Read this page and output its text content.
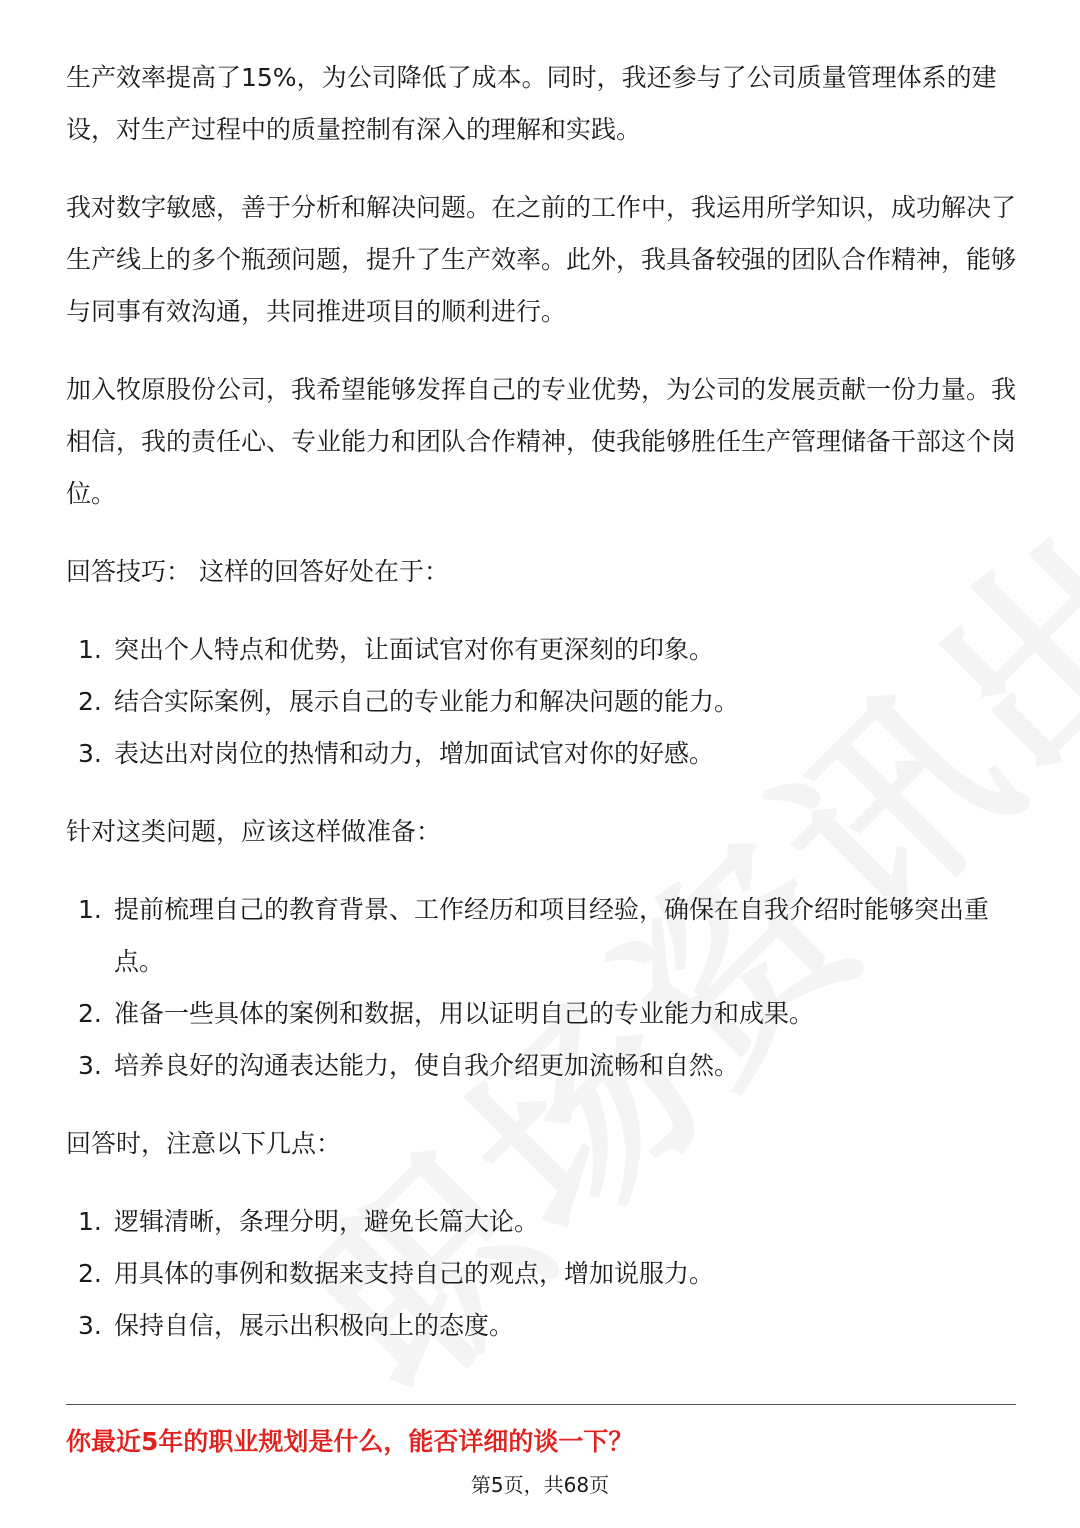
生产效率提高了15%，为公司降低了成本。同时，我还参与了公司质量管理体系的建设，对生产过程中的质量控制有深入的理解和实践。

我对数字敏感，善于分析和解决问题。在之前的工作中，我运用所学知识，成功解决了生产线上的多个瓶颈问题，提升了生产效率。此外，我具备较强的团队合作精神，能够与同事有效沟通，共同推进项目的顺利进行。

加入牧原股份公司，我希望能够发挥自己的专业优势，为公司的发展贡献一份力量。我相信，我的责任心、专业能力和团队合作精神，使我能够胜任生产管理储备干部这个岗位。

回答技巧： 这样的回答好处在于：

1. 突出个人特点和优势，让面试官对你有更深刻的印象。
2. 结合实际案例，展示自己的专业能力和解决问题的能力。
3. 表达出对岗位的热情和动力，增加面试官对你的好感。

针对这类问题，应该这样做准备：

1. 提前梳理自己的教育背景、工作经历和项目经验，确保在自我介绍时能够突出重点。
2. 准备一些具体的案例和数据，用以证明自己的专业能力和成果。
3. 培养良好的沟通表达能力，使自我介绍更加流畅和自然。

回答时，注意以下几点：

1. 逻辑清晰，条理分明，避免长篇大论。
2. 用具体的事例和数据来支持自己的观点，增加说服力。
3. 保持自信，展示出积极向上的态度。
你最近5年的职业规划是什么，能否详细的谈一下？
第5页，共68页
